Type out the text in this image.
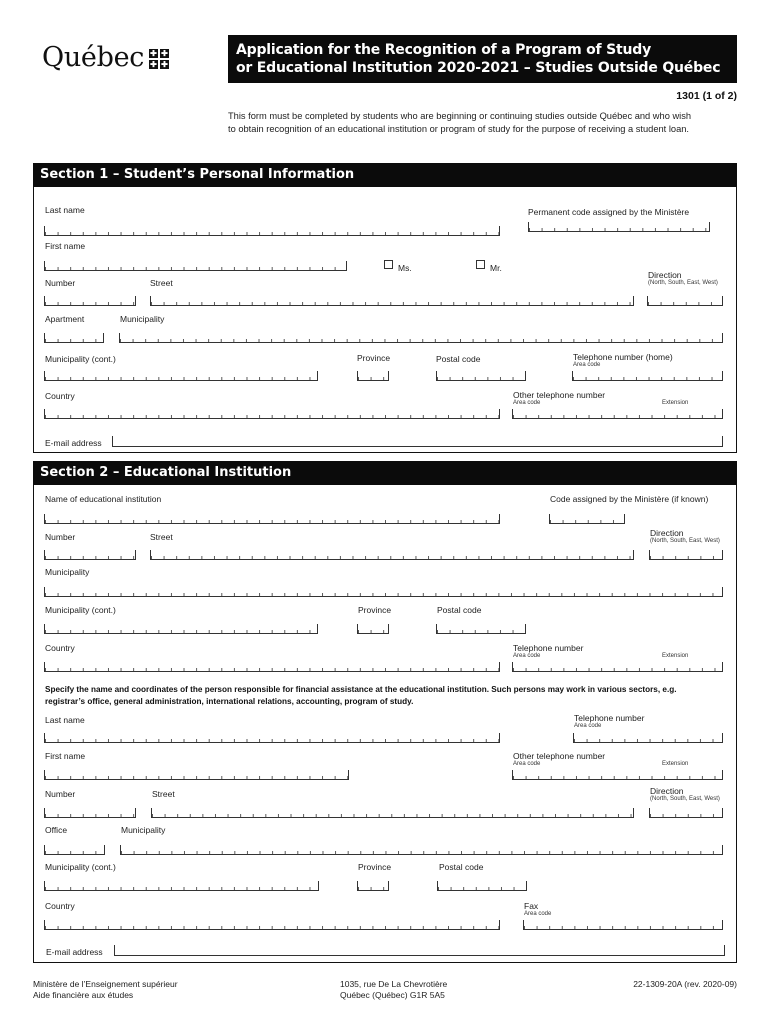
Québec ✚ ✚
✚ ✚
Application for the Recognition of a Program of Study
or Educational Institution 2020-2021 – Studies Outside Québec
1301 (1 of 2)
This form must be completed by students who are beginning or continuing studies outside Québec and who wish
to obtain recognition of an educational institution or program of study for the purpose of receiving a student loan.
Section 1 – Student’s Personal Information
Last name	Permanent code assigned by the Ministère
First name
Ms.	Mr.
Number	Street
Direction
(North, South, East, West)
Apartment	Municipality
Municipality (cont.)	Province	Postal code	Telephone number (home)
Area code
Country	Other telephone number
Area code	Extension
E-mail address
Section 2 – Educational Institution
Name of educational institution	Code assigned by the Ministère (if known)
Number	Street	Direction
(North, South, East, West)
Municipality
Municipality (cont.)	Province	Postal code
Country	Telephone number
Area code	Extension
Specify the name and coordinates of the person responsible for financial assistance at the educational institution. Such persons may work in various sectors, e.g.
registrar’s office, general administration, international relations, accounting, program of study.
Last name	Telephone number
Area code
First name	Other telephone number
Area code	Extension
Number	Street	Direction
(North, South, East, West)
Office	Municipality
Municipality (cont.)	Province	Postal code
Country	Fax
Area code
E-mail address
Ministère de l’Enseignement supérieur
Aide financière aux études
1035, rue De La Chevrotière
Québec (Québec) G1R 5A5
22-1309-20A (rev. 2020-09)
